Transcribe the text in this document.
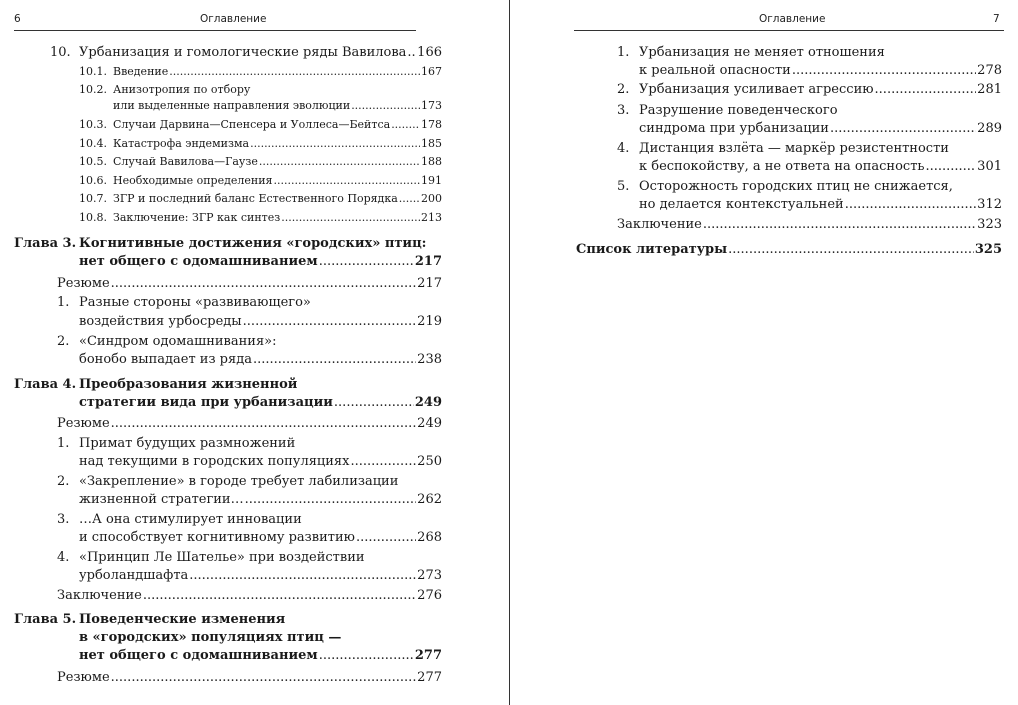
6	Оглавление
10. Урбанизация и гомологические ряды Вавилова ..... 166
10.1. Введение .....	167
10.2. Анизотропия по отбору
или выделенные направления эволюции .....	173
10.3. Случаи Дарвина—Спенсера и Уоллеса—Бейтса .....	178
10.4. Катастрофа эндемизма .....	185
10.5. Случай Вавилова—Гаузе .....	188
10.6. Необходимые определения .....	191
10.7. ЗГР и последний баланс Естественного Порядка ..... 200
10.8. Заключение: ЗГР как синтез .....	213
Глава 3. Когнитивные достижения «городских» птиц:
нет общего с одомашниванием .....	217
Резюме .....	217
1. Разные стороны «развивающего»
воздействия урбосреды .....	219
2. «Синдром одомашнивания»:
бонобо выпадает из ряда .....	238
Глава 4. Преобразования жизненной
стратегии вида при урбанизации .....	249
Резюме .....	249
1. Примат будущих размножений
над текущими в городских популяциях .....	250
2. «Закрепление» в городе требует лабилизации
жизненной стратегии… .....	262
3. …А она стимулирует инновации
и способствует когнитивному развитию .....	268
4. «Принцип Ле Шателье» при воздействии
урболандшафта .....	273
Заключение .....	276
Глава 5. Поведенческие изменения
в «городских» популяциях птиц —
нет общего с одомашниванием .....	277
Резюме .....	277
Оглавление	7
1. Урбанизация не меняет отношения
к реальной опасности .....	278
2. Урбанизация усиливает агрессию .....	281
3. Разрушение поведенческого
синдрома при урбанизации .....	289
4. Дистанция взлёта — маркёр резистентности
к беспокойству, а не ответа на опасность .....	301
5. Осторожность городских птиц не снижается,
но делается контекстуальней .....	312
Заключение .....	323
Список литературы .....	325
